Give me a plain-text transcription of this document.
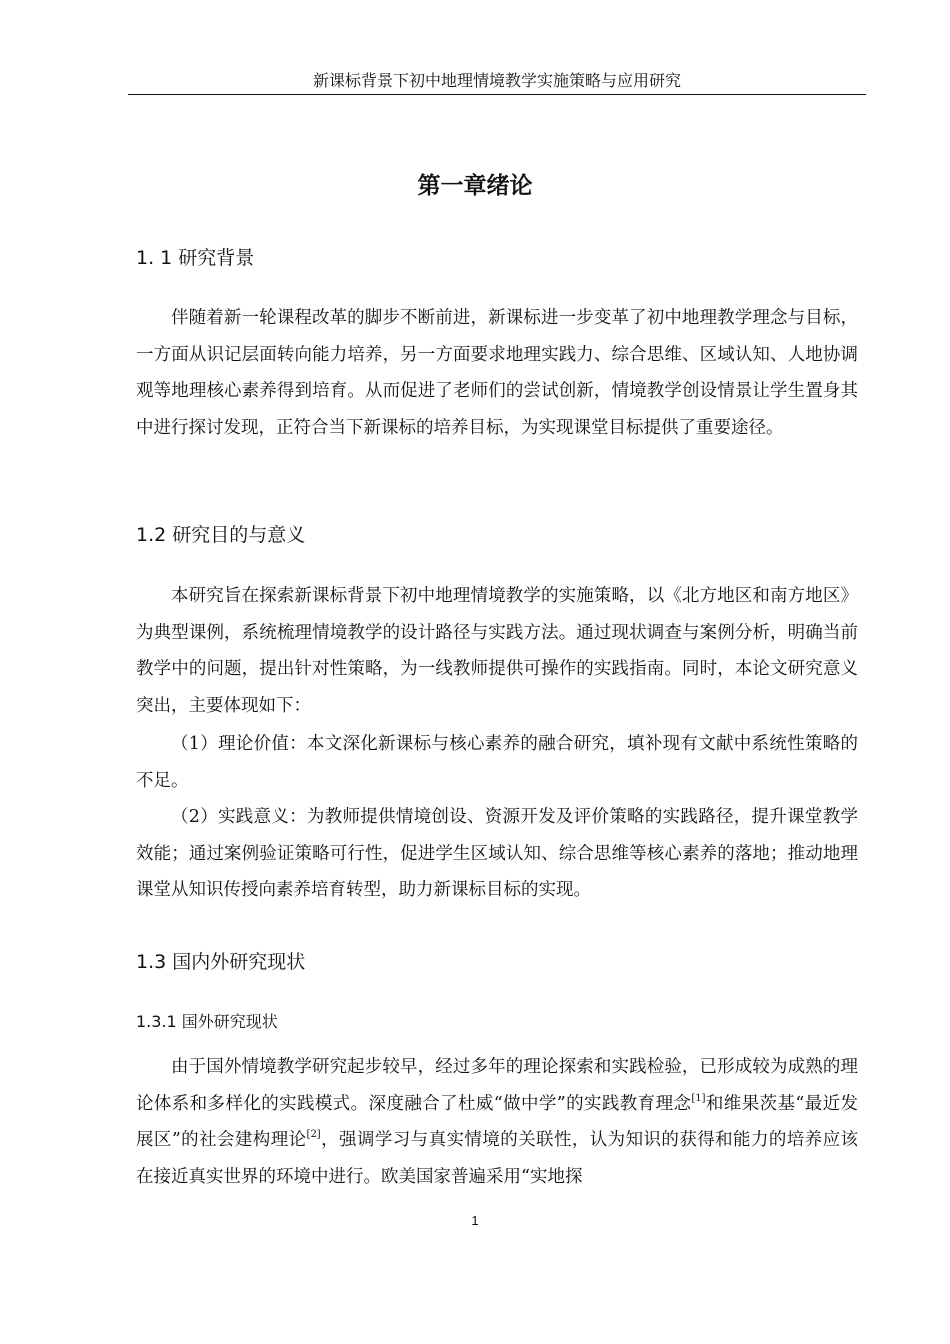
新课标背景下初中地理情境教学实施策略与应用研究
第一章绪论
1. 1 研究背景

伴随着新一轮课程改革的脚步不断前进，新课标进一步变革了初中地理教学理念与目标，一方面从识记层面转向能力培养，另一方面要求地理实践力、综合思维、区域认知、人地协调观等地理核心素养得到培育。从而促进了老师们的尝试创新，情境教学创设情景让学生置身其中进行探讨发现，正符合当下新课标的培养目标，为实现课堂目标提供了重要途径。

1.2 研究目的与意义

本研究旨在探索新课标背景下初中地理情境教学的实施策略，以《北方地区和南方地区》为典型课例，系统梳理情境教学的设计路径与实践方法。通过现状调查与案例分析，明确当前教学中的问题，提出针对性策略，为一线教师提供可操作的实践指南。同时，本论文研究意义突出，主要体现如下：

（1）理论价值：本文深化新课标与核心素养的融合研究，填补现有文献中系统性策略的不足。

（2）实践意义：为教师提供情境创设、资源开发及评价策略的实践路径，提升课堂教学效能；通过案例验证策略可行性，促进学生区域认知、综合思维等核心素养的落地；推动地理课堂从知识传授向素养培育转型，助力新课标目标的实现。

1.3 国内外研究现状
1.3.1 国外研究现状

由于国外情境教学研究起步较早，经过多年的理论探索和实践检验，已形成较为成熟的理论体系和多样化的实践模式。深度融合了杜威“做中学”的实践教育理念[1]和维果茨基“最近发展区”的社会建构理论[2]，强调学习与真实情境的关联性，认为知识的获得和能力的培养应该在接近真实世界的环境中进行。欧美国家普遍采用“实地探

1
